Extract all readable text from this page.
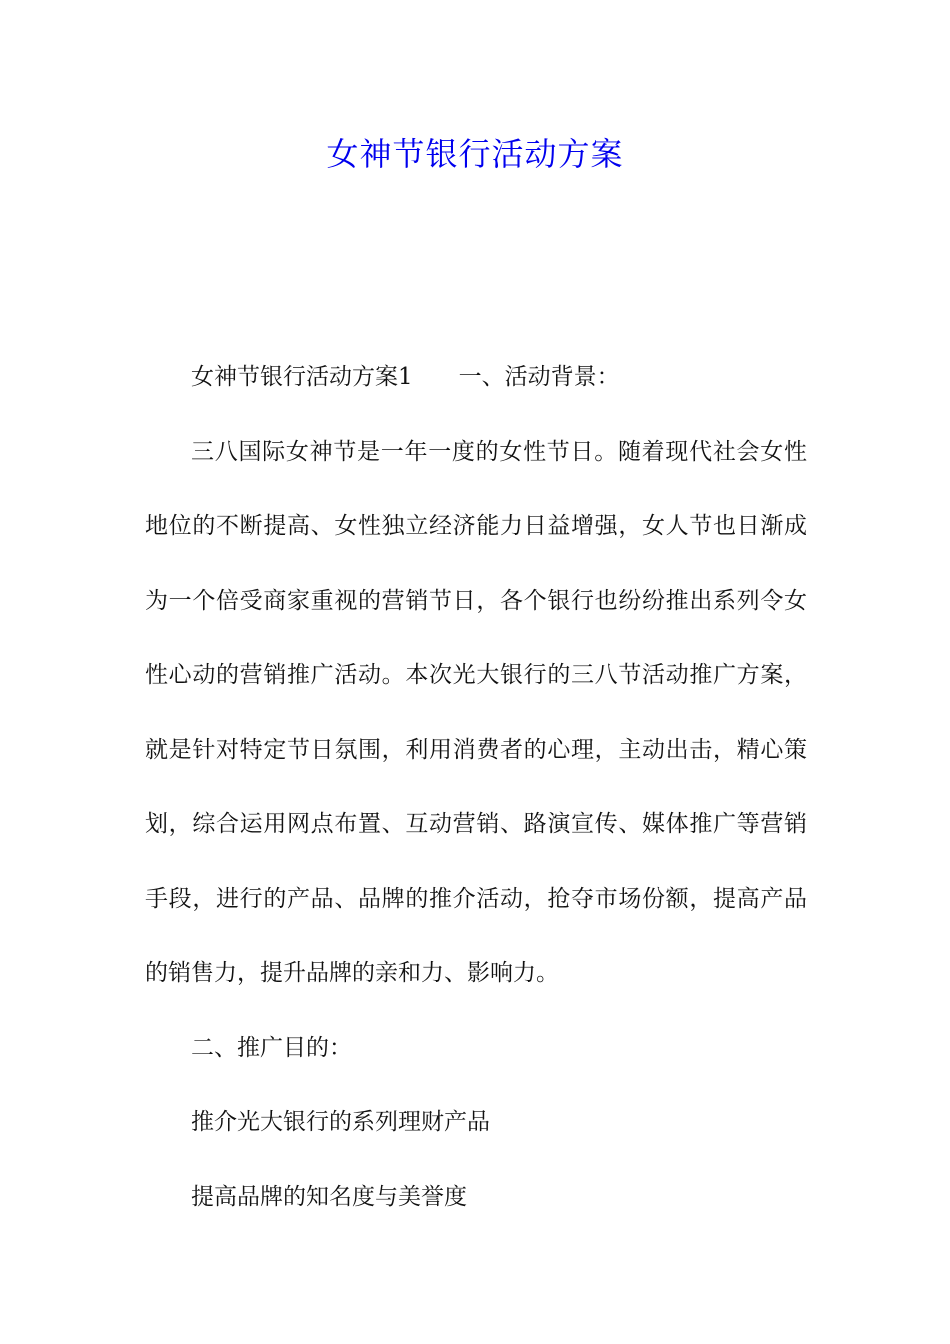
女神节银行活动方案

女神节银行活动方案1 一、活动背景：

三八国际女神节是一年一度的女性节日。随着现代社会女性地位的不断提高、女性独立经济能力日益增强，女人节也日渐成为一个倍受商家重视的营销节日，各个银行也纷纷推出系列令女性心动的营销推广活动。本次光大银行的三八节活动推广方案，就是针对特定节日氛围，利用消费者的心理，主动出击，精心策划，综合运用网点布置、互动营销、路演宣传、媒体推广等营销手段，进行的产品、品牌的推介活动，抢夺市场份额，提高产品的销售力，提升品牌的亲和力、影响力。

二、推广目的：

推介光大银行的系列理财产品

提高品牌的知名度与美誉度
